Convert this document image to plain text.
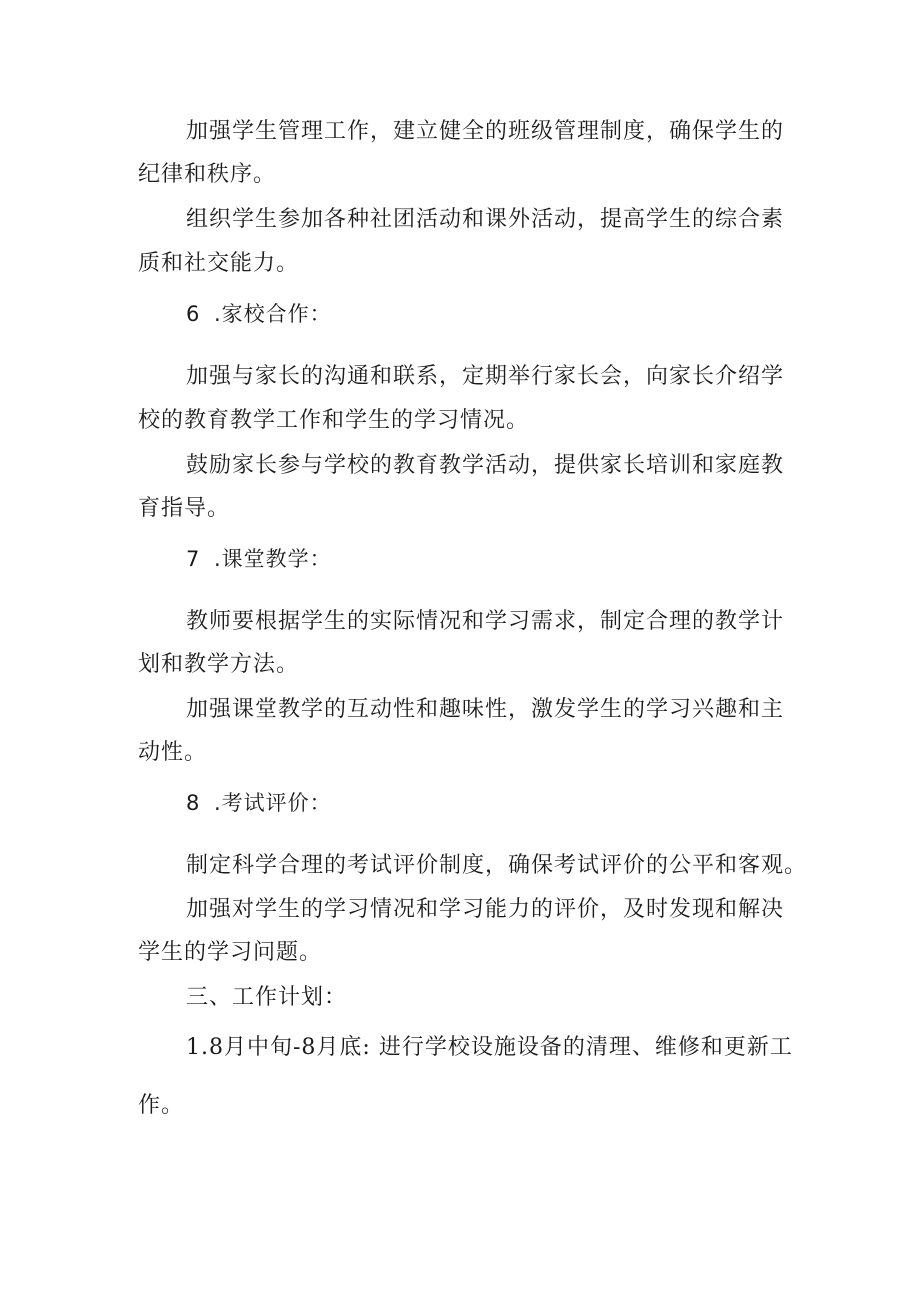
加强学生管理工作，建立健全的班级管理制度，确保学生的
纪律和秩序。
组织学生参加各种社团活动和课外活动，提高学生的综合素
质和社交能力。
6 .家校合作：
加强与家长的沟通和联系，定期举行家长会，向家长介绍学
校的教育教学工作和学生的学习情况。
鼓励家长参与学校的教育教学活动，提供家长培训和家庭教
育指导。
7 .课堂教学：
教师要根据学生的实际情况和学习需求，制定合理的教学计
划和教学方法。
加强课堂教学的互动性和趣味性，激发学生的学习兴趣和主
动性。
8 .考试评价：
制定科学合理的考试评价制度，确保考试评价的公平和客观。
加强对学生的学习情况和学习能力的评价，及时发现和解决
学生的学习问题。
三、工作计划：
1.8月中旬-8月底: 进行学校设施设备的清理、维修和更新工
作。
